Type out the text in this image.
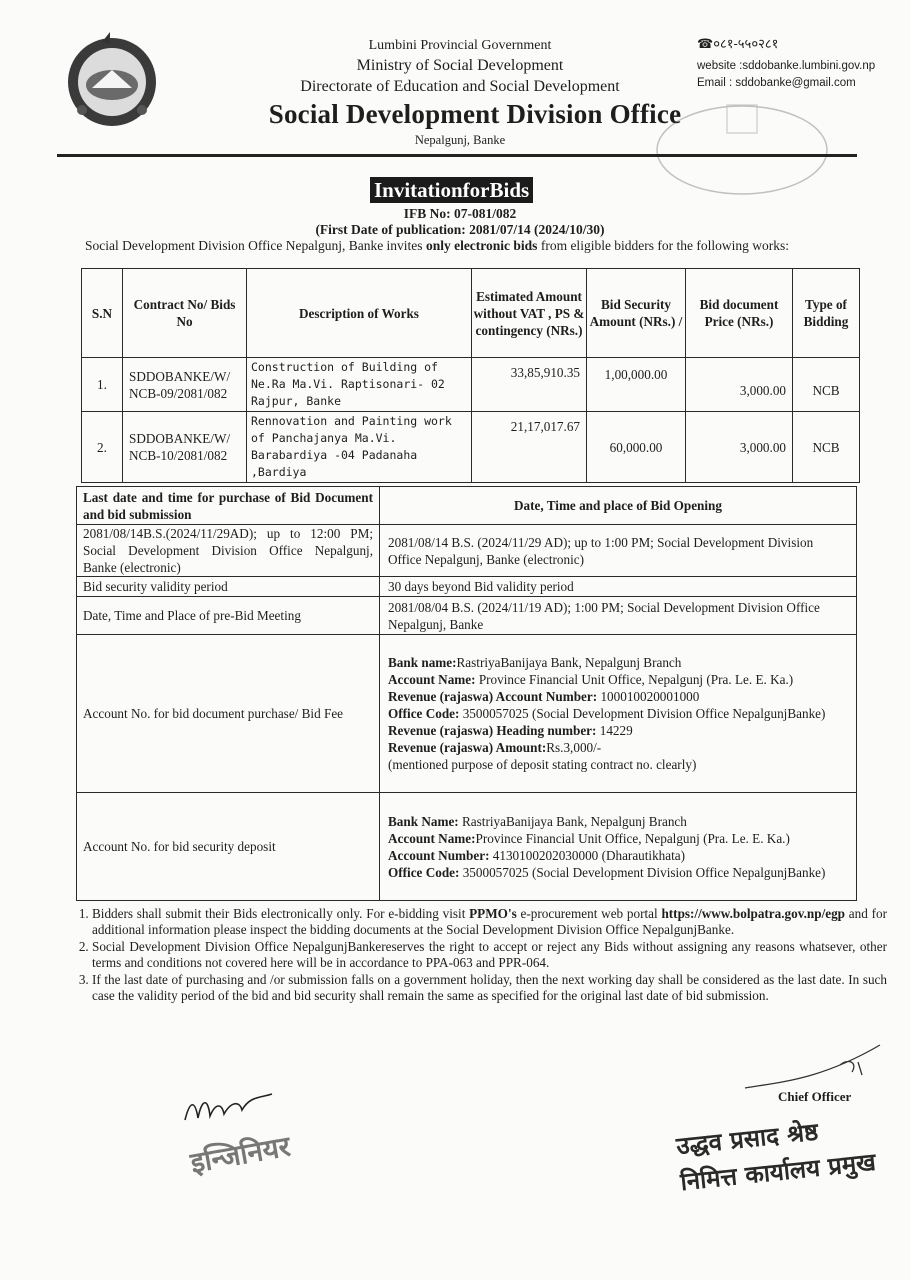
Lumbini Provincial Government
Ministry of Social Development
Directorate of Education and Social Development
Social Development Division Office
Nepalgunj, Banke
☎०८१-५५०२८१
website :sddobanke.lumbini.gov.np
Email : sddobanke@gmail.com
InvitationforBids
IFB No: 07-081/082
(First Date of publication: 2081/07/14 (2024/10/30)
Social Development Division Office Nepalgunj, Banke invites only electronic bids from eligible bidders for the following works:
S.N	Contract No/ Bids No	Description of Works	Estimated Amount without VAT , PS & contingency (NRs.)	Bid Security Amount (NRs.) /	Bid document Price (NRs.)	Type of Bidding
1.	SDDOBANKE/W/ NCB-09/2081/082	Construction of Building of Ne.Ra Ma.Vi. Raptisonari- 02 Rajpur, Banke	33,85,910.35	1,00,000.00	3,000.00	NCB
2.	SDDOBANKE/W/ NCB-10/2081/082	Rennovation and Painting work of Panchajanya Ma.Vi. Barabardiya -04 Padanaha ,Bardiya	21,17,017.67	60,000.00	3,000.00	NCB
Last date and time for purchase of Bid Document and bid submission	Date, Time and place of Bid Opening
2081/08/14B.S.(2024/11/29AD); up to 12:00 PM; Social Development Division Office Nepalgunj, Banke (electronic)	2081/08/14 B.S. (2024/11/29 AD); up to 1:00 PM; Social Development Division Office Nepalgunj, Banke (electronic)
Bid security validity period	30 days beyond Bid validity period
Date, Time and Place of pre-Bid Meeting	2081/08/04 B.S. (2024/11/19 AD); 1:00 PM; Social Development Division Office Nepalgunj, Banke
Account No. for bid document purchase/ Bid Fee	Bank name:RastriyaBanijaya Bank, Nepalgunj Branch
Account Name: Province Financial Unit Office, Nepalgunj (Pra. Le. E. Ka.)
Revenue (rajaswa) Account Number: 100010020001000
Office Code: 3500057025 (Social Development Division Office NepalgunjBanke)
Revenue (rajaswa) Heading number: 14229
Revenue (rajaswa) Amount:Rs.3,000/-
(mentioned purpose of deposit stating contract no. clearly)
Account No. for bid security deposit	Bank Name: RastriyaBanijaya Bank, Nepalgunj Branch
Account Name:Province Financial Unit Office, Nepalgunj (Pra. Le. E. Ka.)
Account Number: 4130100202030000 (Dharautikhata)
Office Code: 3500057025 (Social Development Division Office NepalgunjBanke)
1. Bidders shall submit their Bids electronically only. For e-bidding visit PPMO's e-procurement web portal https://www.bolpatra.gov.np/egp and for additional information please inspect the bidding documents at the Social Development Division Office NepalgunjBanke.
2. Social Development Division Office NepalgunjBankereserves the right to accept or reject any Bids without assigning any reasons whatsever, other terms and conditions not covered here will be in accordance to PPA-063 and PPR-064.
3. If the last date of purchasing and /or submission falls on a government holiday, then the next working day shall be considered as the last date. In such case the validity period of the bid and bid security shall remain the same as specified for the original last date of bid submission.
Chief Officer
इन्जिनियर	उद्धव प्रसाद श्रेष्ठ
निमित्त कार्यालय प्रमुख
